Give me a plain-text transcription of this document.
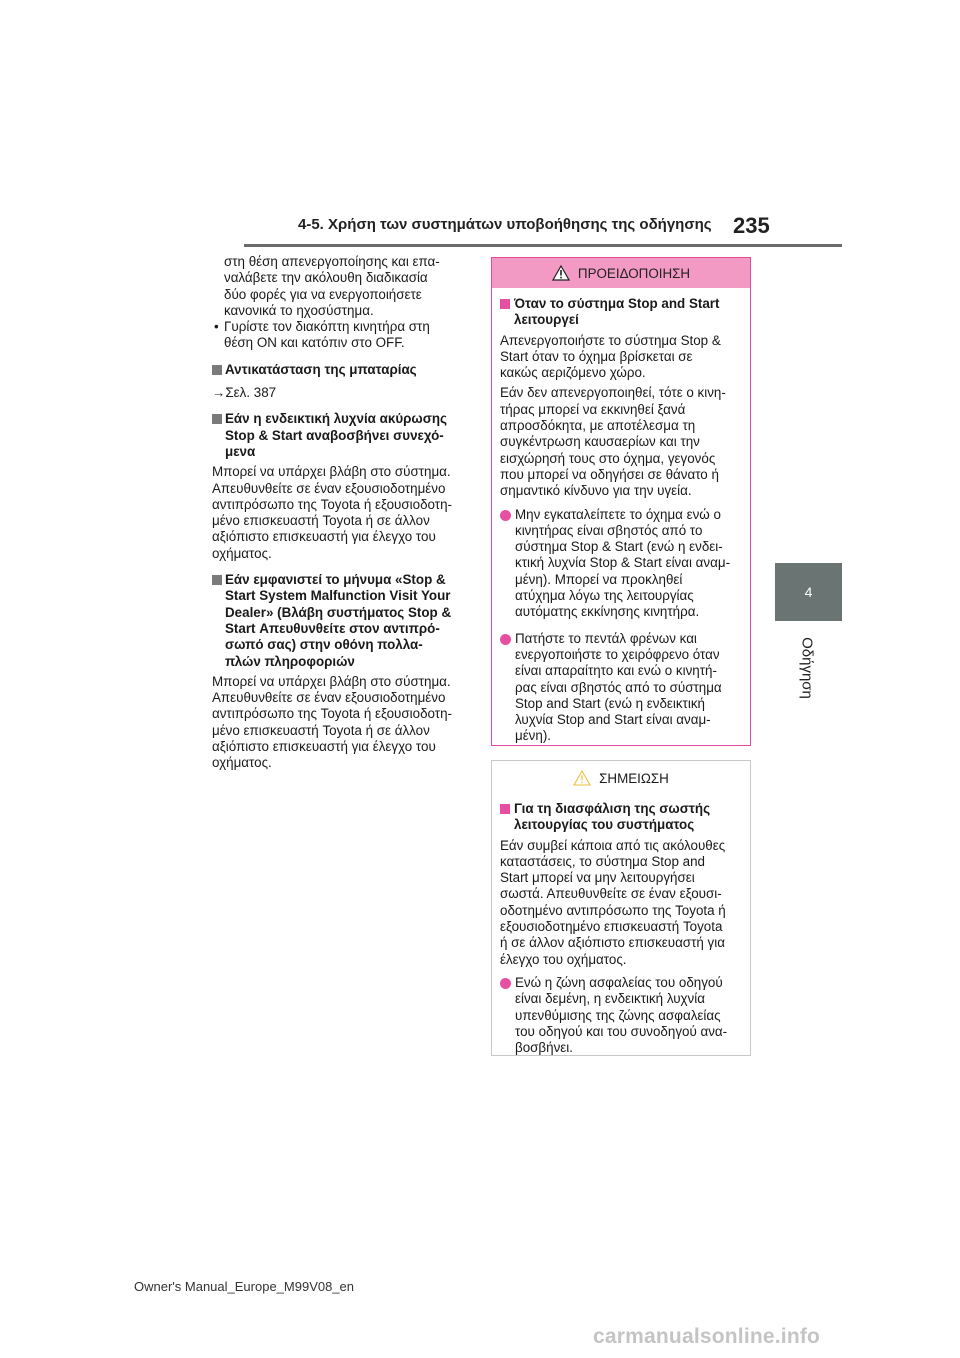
4-5. Χρήση των συστημάτων υποβοήθησης της οδήγησης 235
4
Οδήγηση
στη θέση απενεργοποίησης και επα-
ναλάβετε την ακόλουθη διαδικασία
δύο φορές για να ενεργοποιήσετε
κανονικά το ηχοσύστημα.
• Γυρίστε τον διακόπτη κινητήρα στη
θέση ON και κατόπιν στο OFF.
Αντικατάσταση της μπαταρίας

→Σελ. 387

Εάν η ενδεικτική λυχνία ακύρωσης
Stop & Start αναβοσβήνει συνεχό-
μενα
Μπορεί να υπάρχει βλάβη στο σύστημα.
Απευθυνθείτε σε έναν εξουσιοδοτημένο
αντιπρόσωπο της Toyota ή εξουσιοδοτη-
μένο επισκευαστή Toyota ή σε άλλον
αξιόπιστο επισκευαστή για έλεγχο του
οχήματος.
Εάν εμφανιστεί το μήνυμα «Stop &
Start System Malfunction Visit Your
Dealer» (Βλάβη συστήματος Stop &
Start Απευθυνθείτε στον αντιπρό-
σωπό σας) στην οθόνη πολλα-
πλών πληροφοριών
Μπορεί να υπάρχει βλάβη στο σύστημα.
Απευθυνθείτε σε έναν εξουσιοδοτημένο
αντιπρόσωπο της Toyota ή εξουσιοδοτη-
μένο επισκευαστή Toyota ή σε άλλον
αξιόπιστο επισκευαστή για έλεγχο του
οχήματος.
ΠΡΟΕΙΔΟΠΟΙΗΣΗ
Όταν το σύστημα Stop and Start
λειτουργεί
Απενεργοποιήστε το σύστημα Stop &
Start όταν το όχημα βρίσκεται σε
κακώς αεριζόμενο χώρο.
Εάν δεν απενεργοποιηθεί, τότε ο κινη-
τήρας μπορεί να εκκινηθεί ξανά
απροσδόκητα, με αποτέλεσμα τη
συγκέντρωση καυσαερίων και την
εισχώρησή τους στο όχημα, γεγονός
που μπορεί να οδηγήσει σε θάνατο ή
σημαντικό κίνδυνο για την υγεία.
Μην εγκαταλείπετε το όχημα ενώ ο
κινητήρας είναι σβηστός από το
σύστημα Stop & Start (ενώ η ενδει-
κτική λυχνία Stop & Start είναι αναμ-
μένη). Μπορεί να προκληθεί
ατύχημα λόγω της λειτουργίας
αυτόματης εκκίνησης κινητήρα.
Πατήστε το πεντάλ φρένων και
ενεργοποιήστε το χειρόφρενο όταν
είναι απαραίτητο και ενώ ο κινητή-
ρας είναι σβηστός από το σύστημα
Stop and Start (ενώ η ενδεικτική
λυχνία Stop and Start είναι αναμ-
μένη).
ΣΗΜΕΙΩΣΗ
Για τη διασφάλιση της σωστής
λειτουργίας του συστήματος
Εάν συμβεί κάποια από τις ακόλουθες
καταστάσεις, το σύστημα Stop and
Start μπορεί να μην λειτουργήσει
σωστά. Απευθυνθείτε σε έναν εξουσι-
οδοτημένο αντιπρόσωπο της Toyota ή
εξουσιοδοτημένο επισκευαστή Toyota
ή σε άλλον αξιόπιστο επισκευαστή για
έλεγχο του οχήματος.
Ενώ η ζώνη ασφαλείας του οδηγού
είναι δεμένη, η ενδεικτική λυχνία
υπενθύμισης της ζώνης ασφαλείας
του οδηγού και του συνοδηγού ανα-
βοσβήνει.
Owner's Manual_Europe_M99V08_en
carmanualsonline.info
